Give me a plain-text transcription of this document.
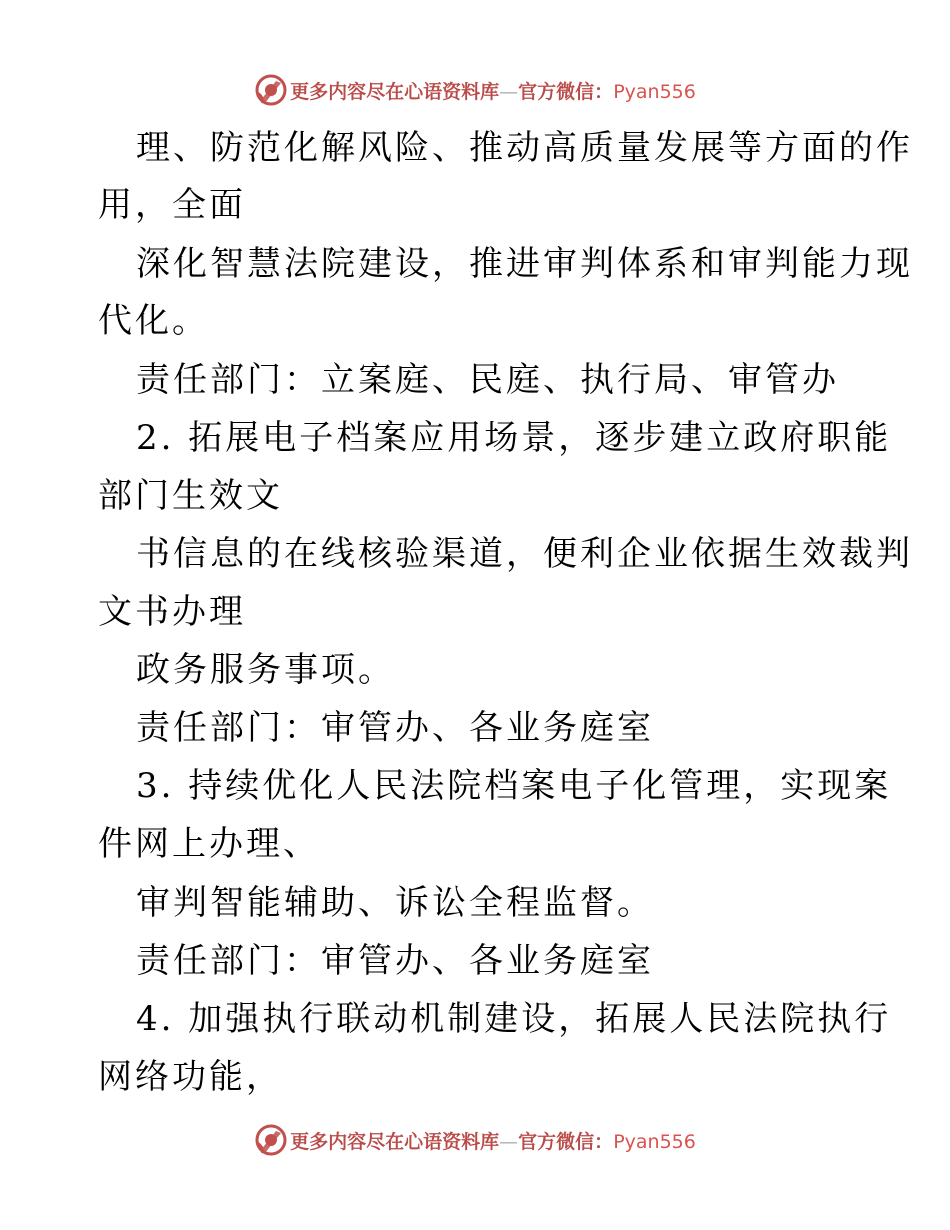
更多内容尽在心语资料库—官方微信：Pyan556
理、防范化解风险、推动高质量发展等方面的作
用，全面
深化智慧法院建设，推进审判体系和审判能力现
代化。
责任部门：立案庭、民庭、执行局、审管办
2. 拓展电子档案应用场景，逐步建立政府职能
部门生效文
书信息的在线核验渠道，便利企业依据生效裁判
文书办理
政务服务事项。
责任部门：审管办、各业务庭室
3. 持续优化人民法院档案电子化管理，实现案
件网上办理、
审判智能辅助、诉讼全程监督。
责任部门：审管办、各业务庭室
4. 加强执行联动机制建设，拓展人民法院执行
网络功能，
更多内容尽在心语资料库—官方微信：Pyan556
